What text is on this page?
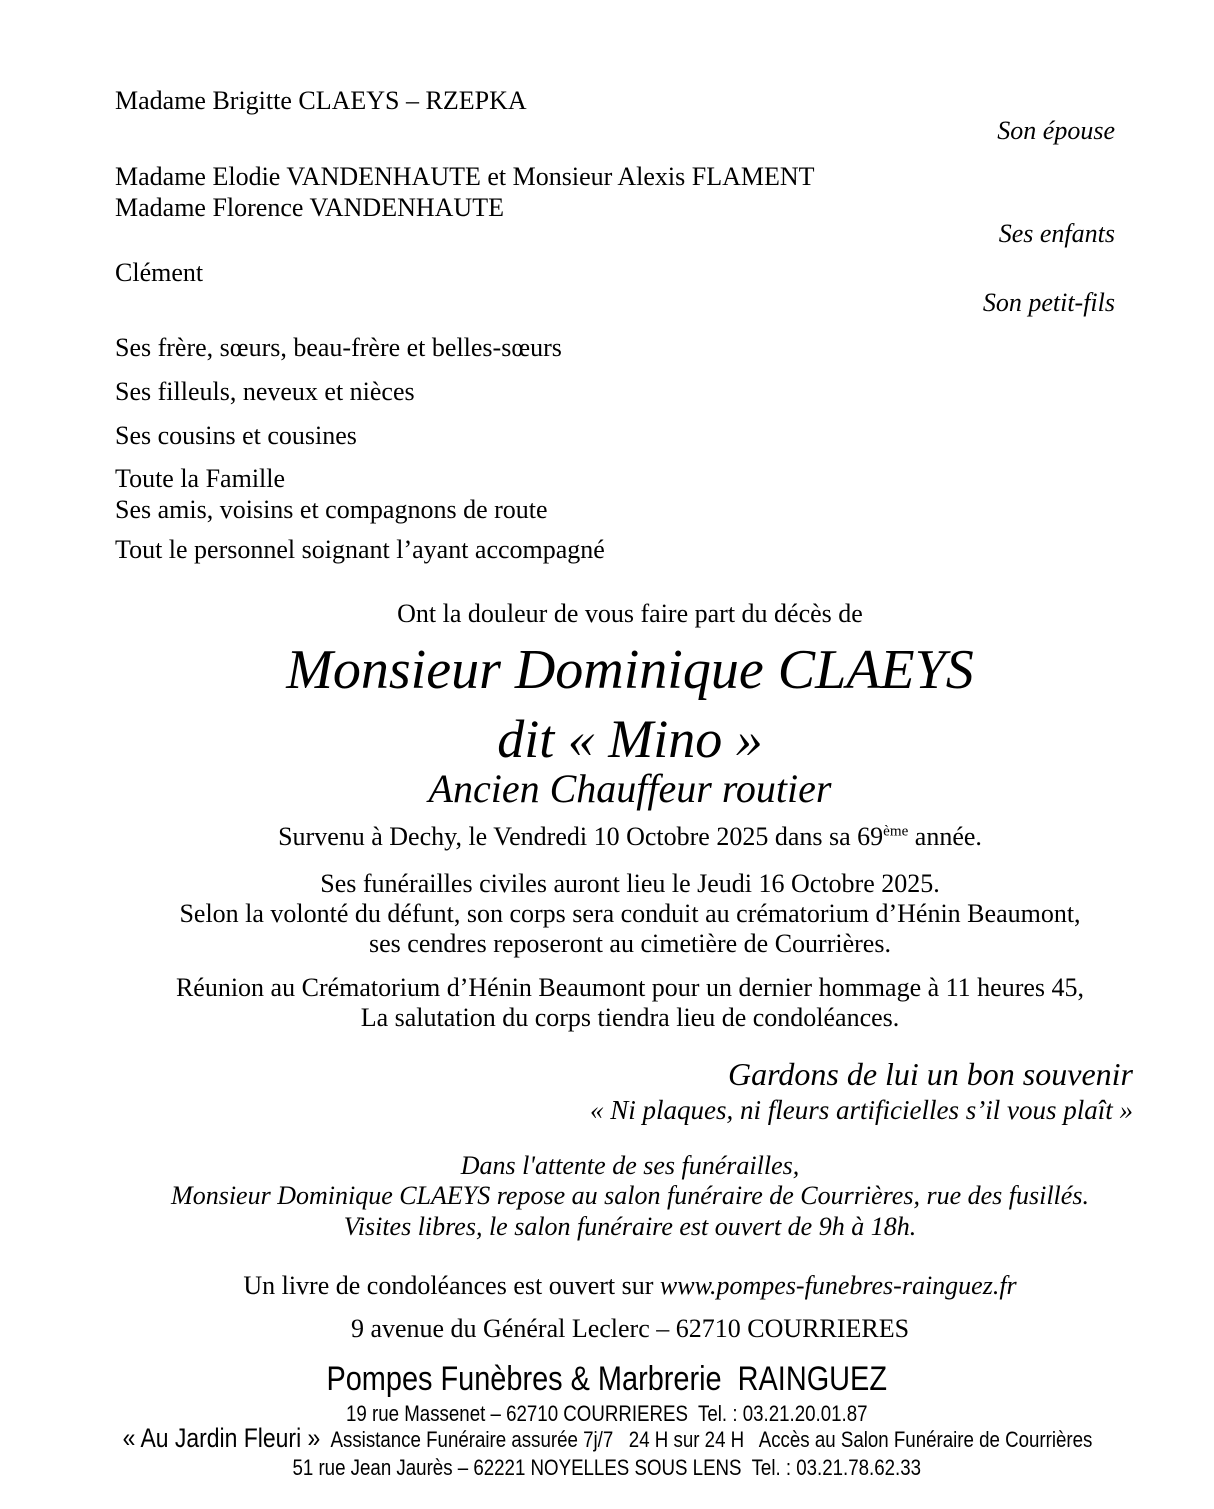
Madame Brigitte CLAEYS – RZEPKA
Son épouse
Madame Elodie VANDENHAUTE et Monsieur Alexis FLAMENT
Madame Florence VANDENHAUTE
Ses enfants
Clément
Son petit-fils
Ses frère, sœurs, beau-frère et belles-sœurs
Ses filleuls, neveux et nièces
Ses cousins et cousines
Toute la Famille
Ses amis, voisins et compagnons de route
Tout le personnel soignant l’ayant accompagné
Ont la douleur de vous faire part du décès de
Monsieur Dominique CLAEYS
dit « Mino »
Ancien Chauffeur routier
Survenu à Dechy, le Vendredi 10 Octobre 2025 dans sa 69ème année.
Ses funérailles civiles auront lieu le Jeudi 16 Octobre 2025.
Selon la volonté du défunt, son corps sera conduit au crématorium d’Hénin Beaumont,
ses cendres reposeront au cimetière de Courrières.
Réunion au Crématorium d’Hénin Beaumont pour un dernier hommage à 11 heures 45,
La salutation du corps tiendra lieu de condoléances.
Gardons de lui un bon souvenir
« Ni plaques, ni fleurs artificielles s’il vous plaît »
Dans l'attente de ses funérailles,
Monsieur Dominique CLAEYS repose au salon funéraire de Courrières, rue des fusillés.
Visites libres, le salon funéraire est ouvert de 9h à 18h.
Un livre de condoléances est ouvert sur www.pompes-funebres-rainguez.fr
9 avenue du Général Leclerc – 62710 COURRIERES
Pompes Funèbres & Marbrerie  RAINGUEZ
19 rue Massenet – 62710 COURRIERES  Tel. : 03.21.20.01.87
« Au Jardin Fleuri » Assistance Funéraire assurée 7j/7   24 H sur 24 H   Accès au Salon Funéraire de Courrières
51 rue Jean Jaurès – 62221 NOYELLES SOUS LENS  Tel. : 03.21.78.62.33
